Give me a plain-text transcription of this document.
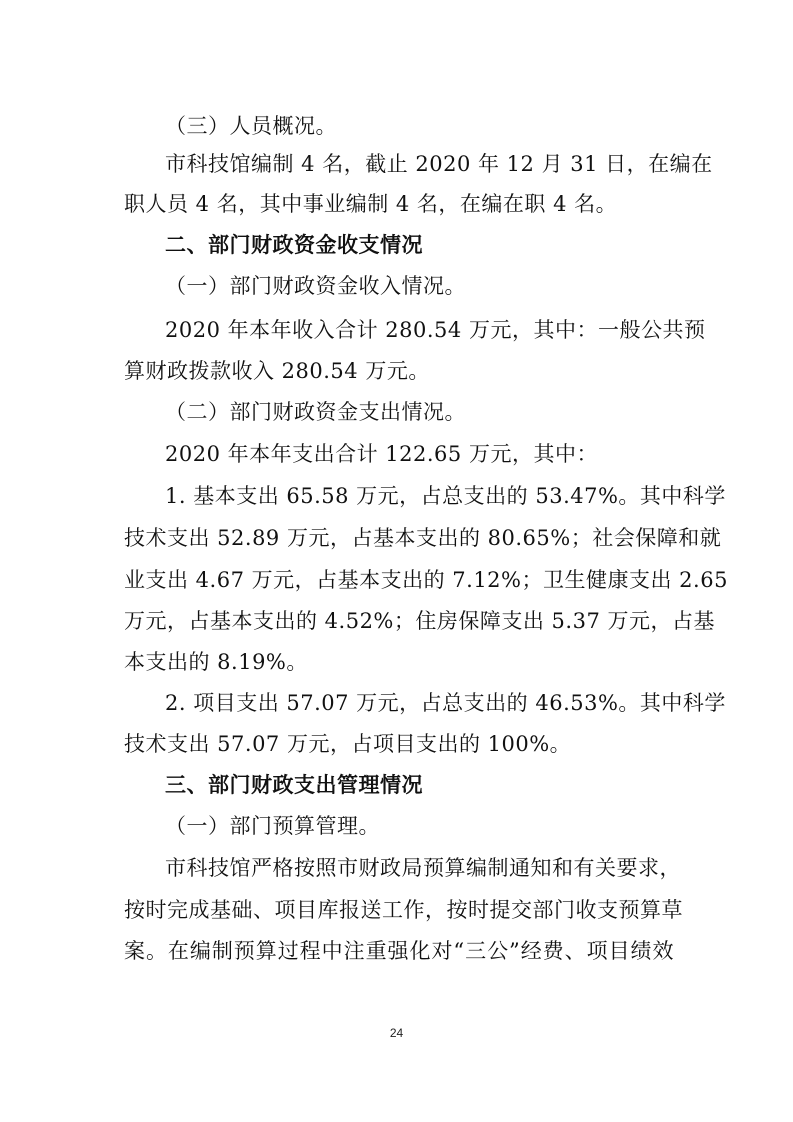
（三）人员概况。
市科技馆编制 4 名，截止 2020 年 12 月 31 日，在编在
职人员 4 名，其中事业编制 4 名，在编在职 4 名。
二、部门财政资金收支情况
（一）部门财政资金收入情况。
2020 年本年收入合计 280.54 万元，其中：一般公共预
算财政拨款收入 280.54 万元。
（二）部门财政资金支出情况。
2020 年本年支出合计 122.65 万元，其中：
1. 基本支出 65.58 万元，占总支出的 53.47%。其中科学
技术支出 52.89 万元，占基本支出的 80.65%；社会保障和就
业支出 4.67 万元，占基本支出的 7.12%；卫生健康支出 2.65
万元，占基本支出的 4.52%；住房保障支出 5.37 万元，占基
本支出的 8.19%。
2. 项目支出 57.07 万元，占总支出的 46.53%。其中科学
技术支出 57.07 万元，占项目支出的 100%。
三、部门财政支出管理情况
（一）部门预算管理。
市科技馆严格按照市财政局预算编制通知和有关要求，
按时完成基础、项目库报送工作，按时提交部门收支预算草
案。在编制预算过程中注重强化对“三公”经费、项目绩效
24
